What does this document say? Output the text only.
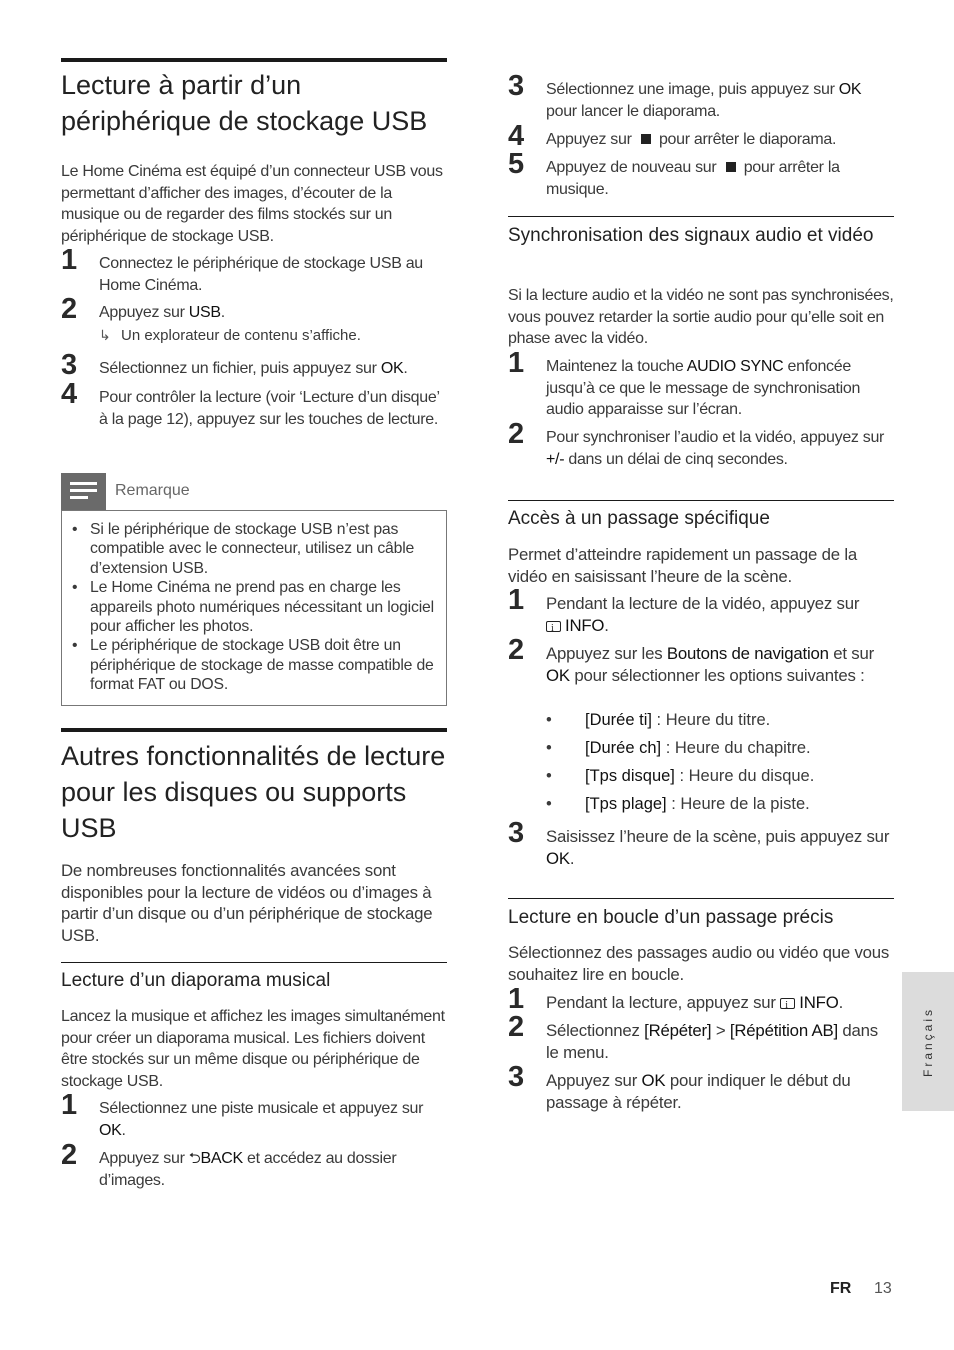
Lecture à partir d’un périphérique de stockage USB

Le Home Cinéma est équipé d’un connecteur USB vous permettant d’afficher des images, d’écouter de la musique ou de regarder des films stockés sur un périphérique de stockage USB.

1 Connectez le périphérique de stockage USB au Home Cinéma.
2 Appuyez sur USB.
↳ Un explorateur de contenu s’affiche.
3 Sélectionnez un fichier, puis appuyez sur OK.
4 Pour contrôler la lecture (voir ‘Lecture d’un disque’ à la page 12), appuyez sur les touches de lecture.
Remarque
• Si le périphérique de stockage USB n’est pas compatible avec le connecteur, utilisez un câble d’extension USB.
• Le Home Cinéma ne prend pas en charge les appareils photo numériques nécessitant un logiciel pour afficher les photos.
• Le périphérique de stockage USB doit être un périphérique de stockage de masse compatible de format FAT ou DOS.
Autres fonctionnalités de lecture pour les disques ou supports USB

De nombreuses fonctionnalités avancées sont disponibles pour la lecture de vidéos ou d’images à partir d’un disque ou d’un périphérique de stockage USB.

Lecture d’un diaporama musical

Lancez la musique et affichez les images simultanément pour créer un diaporama musical. Les fichiers doivent être stockés sur un même disque ou périphérique de stockage USB.

1 Sélectionnez une piste musicale et appuyez sur OK.
2 Appuyez sur ⮌BACK et accédez au dossier d’images.
3 Sélectionnez une image, puis appuyez sur OK pour lancer le diaporama.
4 Appuyez sur  pour arrêter le diaporama.
5 Appuyez de nouveau sur  pour arrêter la musique.
Synchronisation des signaux audio et vidéo

Si la lecture audio et la vidéo ne sont pas synchronisées, vous pouvez retarder la sortie audio pour qu’elle soit en phase avec la vidéo.

1 Maintenez la touche AUDIO SYNC enfoncée jusqu’à ce que le message de synchronisation audio apparaisse sur l’écran.
2 Pour synchroniser l’audio et la vidéo, appuyez sur +/- dans un délai de cinq secondes.
Accès à un passage spécifique

Permet d’atteindre rapidement un passage de la vidéo en saisissant l’heure de la scène.

1 Pendant la lecture de la vidéo, appuyez sur
iINFO.
2 Appuyez sur les Boutons de navigation et sur OK pour sélectionner les options suivantes :
• [Durée ti] : Heure du titre.
• [Durée ch] : Heure du chapitre.
• [Tps disque] : Heure du disque.
• [Tps plage] : Heure de la piste.
3 Saisissez l’heure de la scène, puis appuyez sur OK.
Lecture en boucle d’un passage précis

Sélectionnez des passages audio ou vidéo que vous souhaitez lire en boucle.

1 Pendant la lecture, appuyez sur iINFO.
2 Sélectionnez [Répéter] > [Répétition AB] dans le menu.
3 Appuyez sur OK pour indiquer le début du passage à répéter.
Français
FR 13
